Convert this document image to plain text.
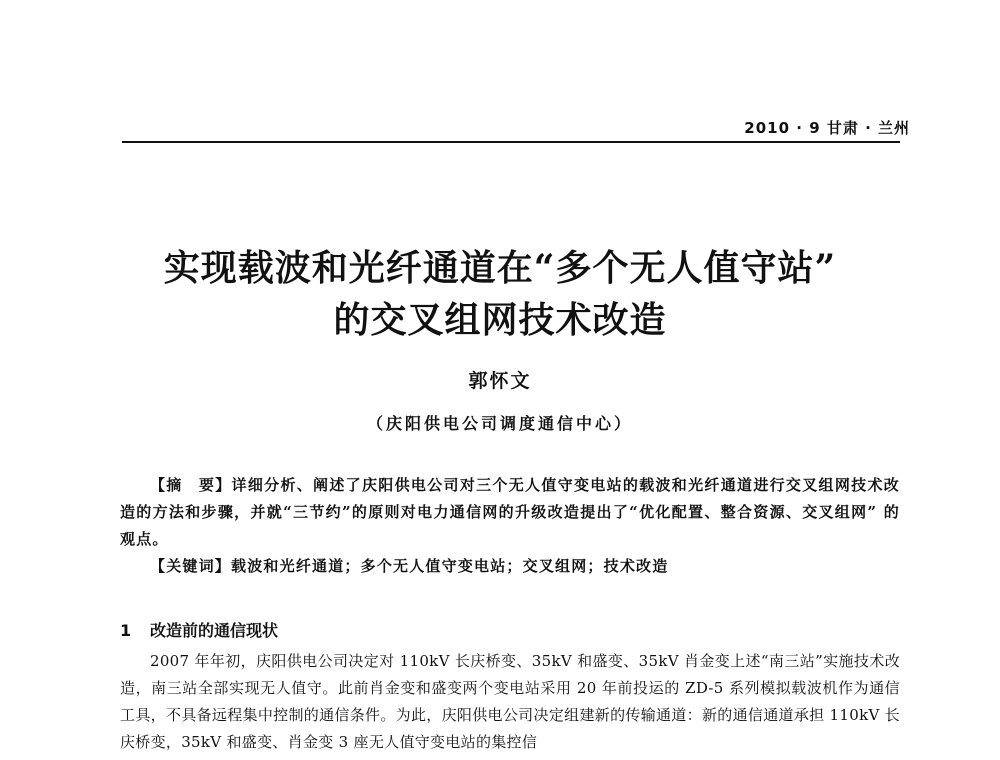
2010 · 9 甘肃 · 兰州
实现载波和光纤通道在“多个无人值守站”
的交叉组网技术改造
郭怀文
（庆阳供电公司调度通信中心）

【摘　要】详细分析、阐述了庆阳供电公司对三个无人值守变电站的载波和光纤通道进行交叉组网技术改造的方法和步骤，并就“三节约”的原则对电力通信网的升级改造提出了“优化配置、整合资源、交叉组网” 的观点。

【关键词】载波和光纤通道；多个无人值守变电站；交叉组网；技术改造

1 改造前的通信现状

2007 年年初，庆阳供电公司决定对 110kV 长庆桥变、35kV 和盛变、35kV 肖金变上述“南三站”实施技术改造，南三站全部实现无人值守。此前肖金变和盛变两个变电站采用 20 年前投运的 ZD-5 系列模拟载波机作为通信工具，不具备远程集中控制的通信条件。为此，庆阳供电公司决定组建新的传输通道：新的通信通道承担 110kV 长庆桥变，35kV 和盛变、肖金变 3 座无人值守变电站的集控信
